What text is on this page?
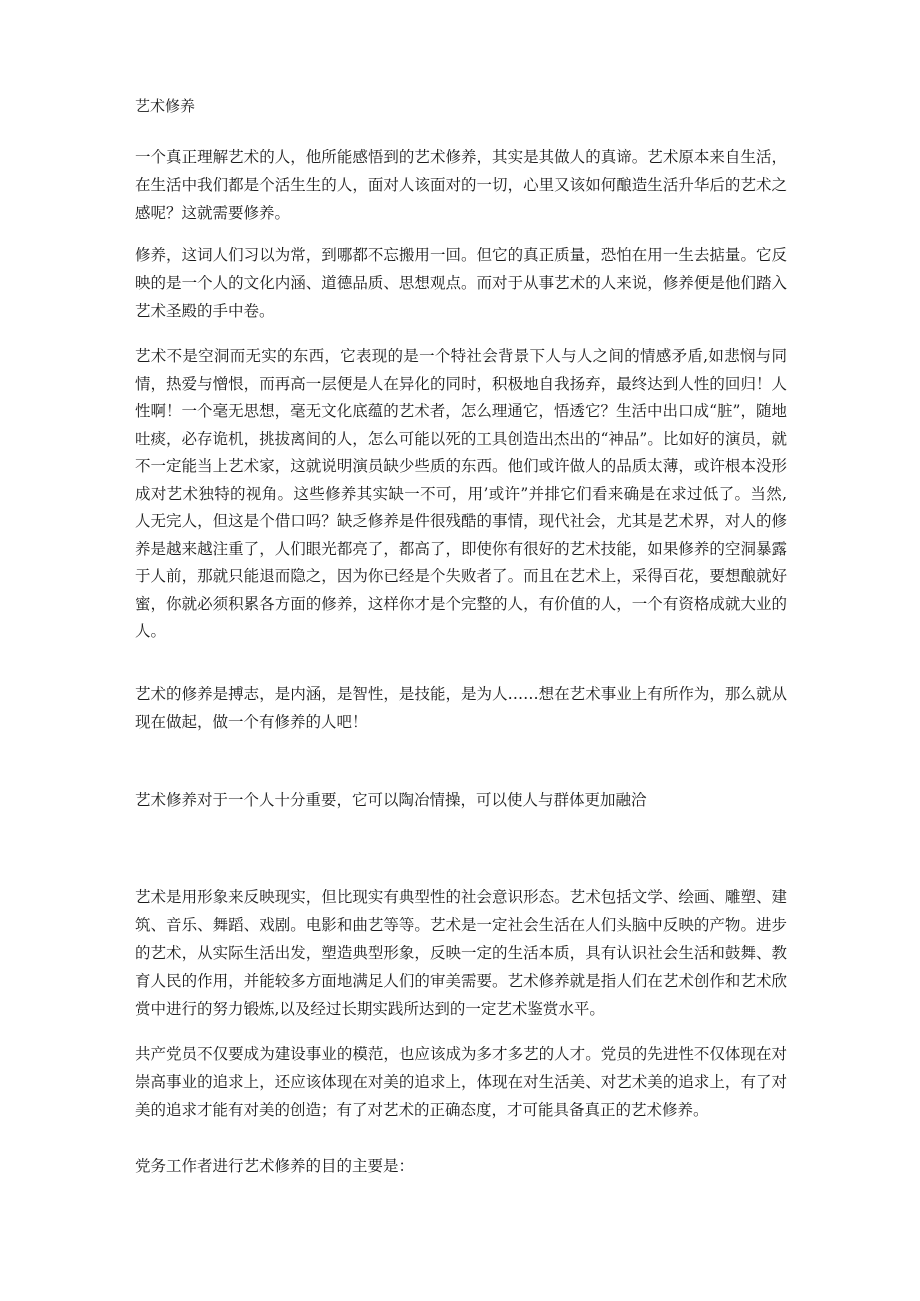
艺术修养

一个真正理解艺术的人，他所能感悟到的艺术修养，其实是其做人的真谛。艺术原本来自生活，在生活中我们都是个活生生的人，面对人该面对的一切，心里又该如何酿造生活升华后的艺术之感呢？这就需要修养。

修养，这词人们习以为常，到哪都不忘搬用一回。但它的真正质量，恐怕在用一生去掂量。它反映的是一个人的文化内涵、道德品质、思想观点。而对于从事艺术的人来说，修养便是他们踏入艺术圣殿的手中卷。

艺术不是空洞而无实的东西，它表现的是一个特社会背景下人与人之间的情感矛盾,如悲悯与同情，热爱与憎恨，而再高一层便是人在异化的同时，积极地自我扬弃，最终达到人性的回归！人性啊！一个毫无思想，毫无文化底蕴的艺术者，怎么理通它，悟透它？生活中出口成“脏”，随地吐痰，必存诡机，挑拔离间的人，怎么可能以死的工具创造出杰出的“神品”。比如好的演员，就不一定能当上艺术家，这就说明演员缺少些质的东西。他们或许做人的品质太薄，或许根本没形成对艺术独特的视角。这些修养其实缺一不可，用’或许”并排它们看来确是在求过低了。当然,人无完人，但这是个借口吗？缺乏修养是件很残酷的事情，现代社会，尤其是艺术界，对人的修养是越来越注重了，人们眼光都亮了，都高了，即使你有很好的艺术技能，如果修养的空洞暴露于人前，那就只能退而隐之，因为你已经是个失败者了。而且在艺术上，采得百花，要想酿就好蜜，你就必须积累各方面的修养，这样你才是个完整的人，有价值的人，一个有资格成就大业的人。

艺术的修养是搏志，是内涵，是智性，是技能，是为人……想在艺术事业上有所作为，那么就从现在做起，做一个有修养的人吧！

艺术修养对于一个人十分重要，它可以陶冶情操，可以使人与群体更加融洽

艺术是用形象来反映现实，但比现实有典型性的社会意识形态。艺术包括文学、绘画、雕塑、建筑、音乐、舞蹈、戏剧。电影和曲艺等等。艺术是一定社会生活在人们头脑中反映的产物。进步的艺术，从实际生活出发，塑造典型形象，反映一定的生活本质，具有认识社会生活和鼓舞、教育人民的作用，并能较多方面地满足人们的审美需要。艺术修养就是指人们在艺术创作和艺术欣赏中进行的努力锻炼,以及经过长期实践所达到的一定艺术鉴赏水平。

共产党员不仅要成为建设事业的模范，也应该成为多才多艺的人才。党员的先进性不仅体现在对崇高事业的追求上，还应该体现在对美的追求上，体现在对生活美、对艺术美的追求上，有了对美的追求才能有对美的创造；有了对艺术的正确态度，才可能具备真正的艺术修养。

党务工作者进行艺术修养的目的主要是：
